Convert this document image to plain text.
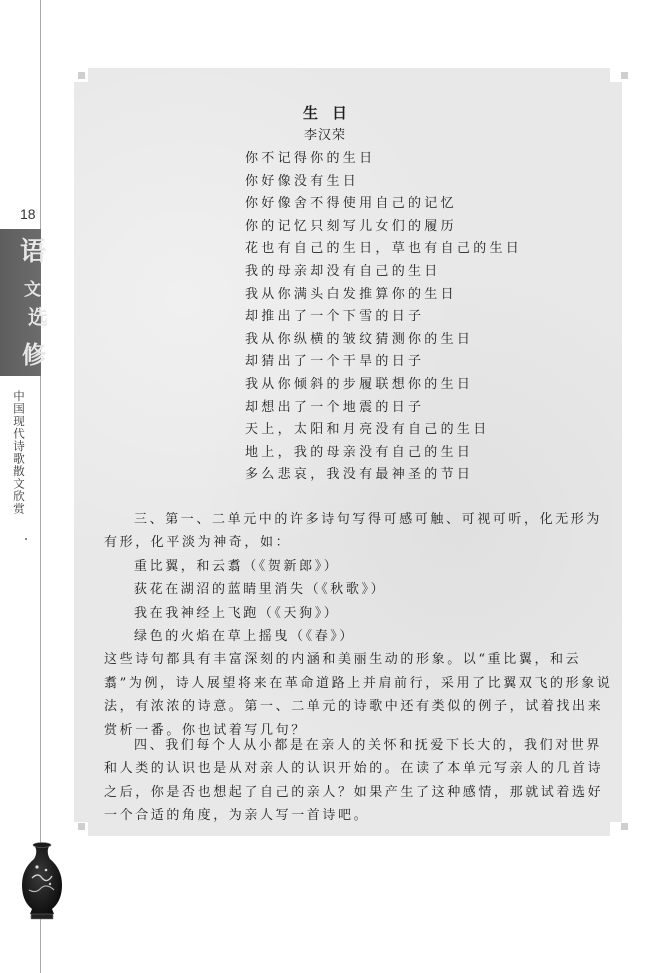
18
语
文
选
修
中国现代诗歌散文欣赏
生日
李汉荣
你不记得你的生日
你好像没有生日
你好像舍不得使用自己的记忆
你的记忆只刻写儿女们的履历
花也有自己的生日，草也有自己的生日
我的母亲却没有自己的生日
我从你满头白发推算你的生日
却推出了一个下雪的日子
我从你纵横的皱纹猜测你的生日
却猜出了一个干旱的日子
我从你倾斜的步履联想你的生日
却想出了一个地震的日子
天上，太阳和月亮没有自己的生日
地上，我的母亲没有自己的生日
多么悲哀，我没有最神圣的节日
三、第一、二单元中的许多诗句写得可感可触、可视可听，化无形为有形，化平淡为神奇，如：
重比翼，和云翥（《贺新郎》）
荻花在湖沼的蓝睛里消失（《秋歌》）
我在我神经上飞跑（《天狗》）
绿色的火焰在草上摇曳（《春》）
这些诗句都具有丰富深刻的内涵和美丽生动的形象。以“重比翼，和云翥”为例，诗人展望将来在革命道路上并肩前行，采用了比翼双飞的形象说法，有浓浓的诗意。第一、二单元的诗歌中还有类似的例子，试着找出来赏析一番。你也试着写几句？
四、我们每个人从小都是在亲人的关怀和抚爱下长大的，我们对世界和人类的认识也是从对亲人的认识开始的。在读了本单元写亲人的几首诗之后，你是否也想起了自己的亲人？如果产生了这种感情，那就试着选好一个合适的角度，为亲人写一首诗吧。
